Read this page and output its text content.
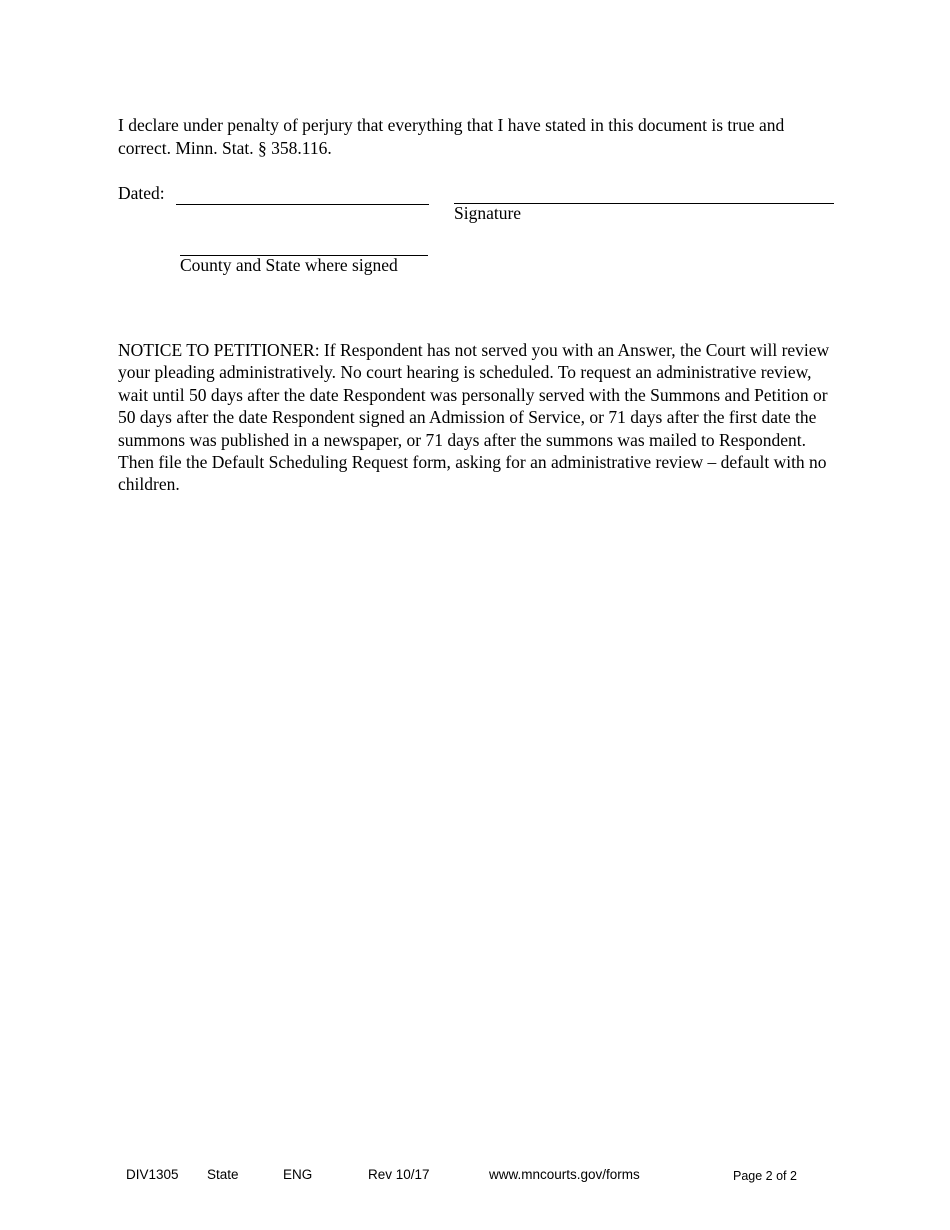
I declare under penalty of perjury that everything that I have stated in this document is true and correct. Minn. Stat. § 358.116.

Dated:
Signature
County and State where signed

NOTICE TO PETITIONER: If Respondent has not served you with an Answer, the Court will review your pleading administratively. No court hearing is scheduled. To request an administrative review, wait until 50 days after the date Respondent was personally served with the Summons and Petition or 50 days after the date Respondent signed an Admission of Service, or 71 days after the first date the summons was published in a newspaper, or 71 days after the summons was mailed to Respondent. Then file the Default Scheduling Request form, asking for an administrative review – default with no children.

DIV1305 State	ENG	Rev 10/17	www.mncourts.gov/forms	Page 2 of 2
